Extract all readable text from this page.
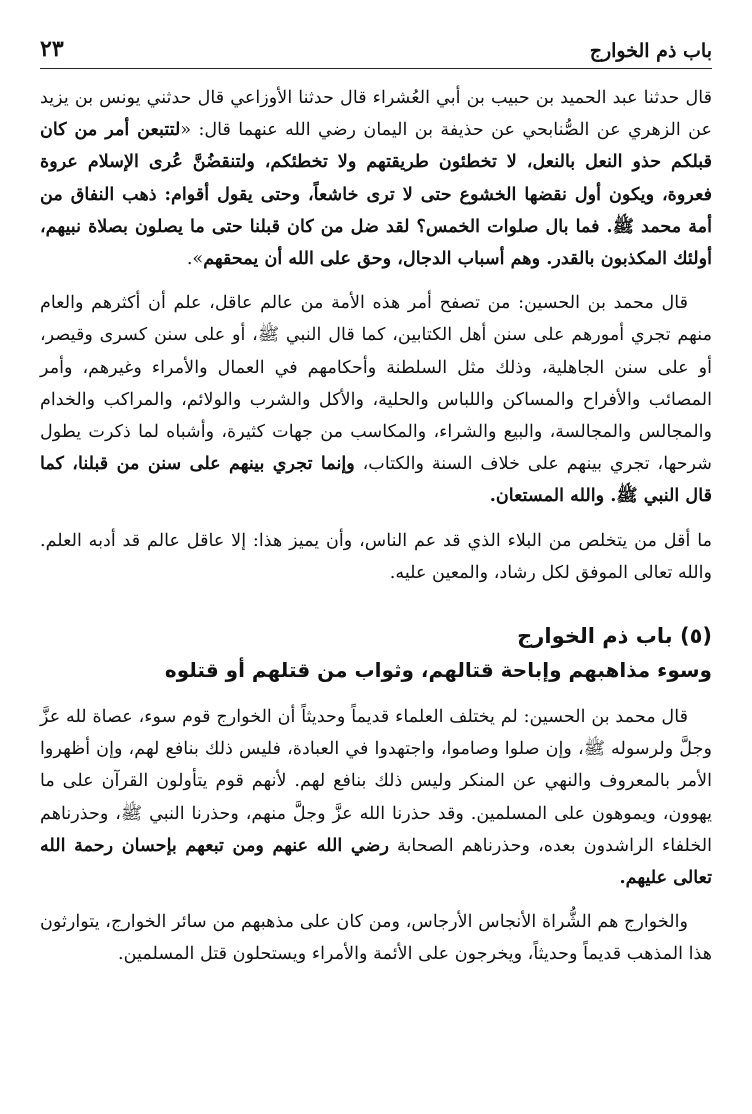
باب ذم الخوارج
٢٣

قال حدثنا عبد الحميد بن حبيب بن أبي العُشراء قال حدثنا الأوزاعي قال حدثني يونس بن يزيد عن الزهري عن الصُّنابحي عن حذيفة بن اليمان رضي الله عنهما قال: «لتتبعن أمر من كان قبلكم حذو النعل بالنعل، لا تخطئون طريقتهم ولا تخطئكم، ولتنقضُنَّ عُرى الإسلام عروة فعروة، ويكون أول نقضها الخشوع حتى لا ترى خاشعاً، وحتى يقول أقوام: ذهب النفاق من أمة محمد ﷺ. فما بال صلوات الخمس؟ لقد ضل من كان قبلنا حتى ما يصلون بصلاة نبيهم، أولئك المكذبون بالقدر. وهم أسباب الدجال، وحق على الله أن يمحقهم».

قال محمد بن الحسين: من تصفح أمر هذه الأمة من عالم عاقل، علم أن أكثرهم والعام منهم تجري أمورهم على سنن أهل الكتابين، كما قال النبي ﷺ، أو على سنن كسرى وقيصر، أو على سنن الجاهلية، وذلك مثل السلطنة وأحكامهم في العمال والأمراء وغيرهم، وأمر المصائب والأفراح والمساكن واللباس والحلية، والأكل والشرب والولائم، والمراكب والخدام والمجالس والمجالسة، والبيع والشراء، والمكاسب من جهات كثيرة، وأشباه لما ذكرت يطول شرحها، تجري بينهم على خلاف السنة والكتاب، وإنما تجري بينهم على سنن من قبلنا، كما قال النبي ﷺ. والله المستعان.

ما أقل من يتخلص من البلاء الذي قد عم الناس، وأن يميز هذا: إلا عاقل عالم قد أدبه العلم. والله تعالى الموفق لكل رشاد، والمعين عليه.

(٥) باب ذم الخوارج
وسوء مذاهبهم وإباحة قتالهم، وثواب من قتلهم أو قتلوه

قال محمد بن الحسين: لم يختلف العلماء قديماً وحديثاً أن الخوارج قوم سوء، عصاة لله عزَّ وجلَّ ولرسوله ﷺ، وإن صلوا وصاموا، واجتهدوا في العبادة، فليس ذلك بنافع لهم، وإن أظهروا الأمر بالمعروف والنهي عن المنكر وليس ذلك بنافع لهم. لأنهم قوم يتأولون القرآن على ما يهوون، ويموهون على المسلمين. وقد حذرنا الله عزَّ وجلَّ منهم، وحذرنا النبي ﷺ، وحذرناهم الخلفاء الراشدون بعده، وحذرناهم الصحابة رضي الله عنهم ومن تبعهم بإحسان رحمة الله تعالى عليهم.

والخوارج هم الشُّراة الأنجاس الأرجاس، ومن كان على مذهبهم من سائر الخوارج، يتوارثون هذا المذهب قديماً وحديثاً، ويخرجون على الأئمة والأمراء ويستحلون قتل المسلمين.
